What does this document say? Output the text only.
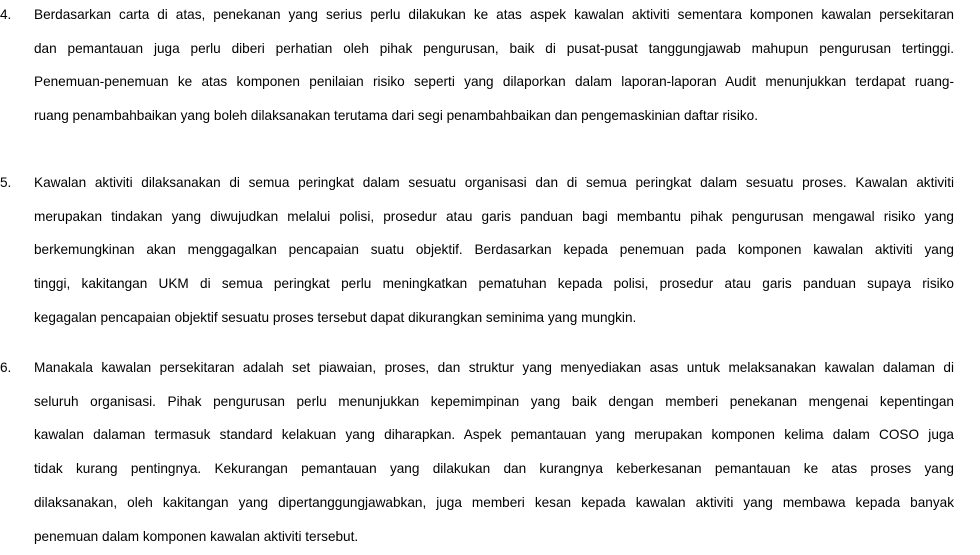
4.	Berdasarkan carta di atas, penekanan yang serius perlu dilakukan ke atas aspek kawalan aktiviti sementara komponen kawalan persekitaran
dan pemantauan juga perlu diberi perhatian oleh pihak pengurusan, baik di pusat-pusat tanggungjawab mahupun pengurusan tertinggi.
Penemuan-penemuan ke atas komponen penilaian risiko seperti yang dilaporkan dalam laporan-laporan Audit menunjukkan terdapat ruang-
ruang penambahbaikan yang boleh dilaksanakan terutama dari segi penambahbaikan dan pengemaskinian daftar risiko.
5.	Kawalan aktiviti dilaksanakan di semua peringkat dalam sesuatu organisasi dan di semua peringkat dalam sesuatu proses. Kawalan aktiviti
merupakan tindakan yang diwujudkan melalui polisi, prosedur atau garis panduan bagi membantu pihak pengurusan mengawal risiko yang
berkemungkinan akan menggagalkan pencapaian suatu objektif. Berdasarkan kepada penemuan pada komponen kawalan aktiviti yang
tinggi, kakitangan UKM di semua peringkat perlu meningkatkan pematuhan kepada polisi, prosedur atau garis panduan supaya risiko
kegagalan pencapaian objektif sesuatu proses tersebut dapat dikurangkan seminima yang mungkin.
6.	Manakala kawalan persekitaran adalah set piawaian, proses, dan struktur yang menyediakan asas untuk melaksanakan kawalan dalaman di
seluruh organisasi. Pihak pengurusan perlu menunjukkan kepemimpinan yang baik dengan memberi penekanan mengenai kepentingan
kawalan dalaman termasuk standard kelakuan yang diharapkan. Aspek pemantauan yang merupakan komponen kelima dalam COSO juga
tidak kurang pentingnya. Kekurangan pemantauan yang dilakukan dan kurangnya keberkesanan pemantauan ke atas proses yang
dilaksanakan, oleh kakitangan yang dipertanggungjawabkan, juga memberi kesan kepada kawalan aktiviti yang membawa kepada banyak
penemuan dalam komponen kawalan aktiviti tersebut.
